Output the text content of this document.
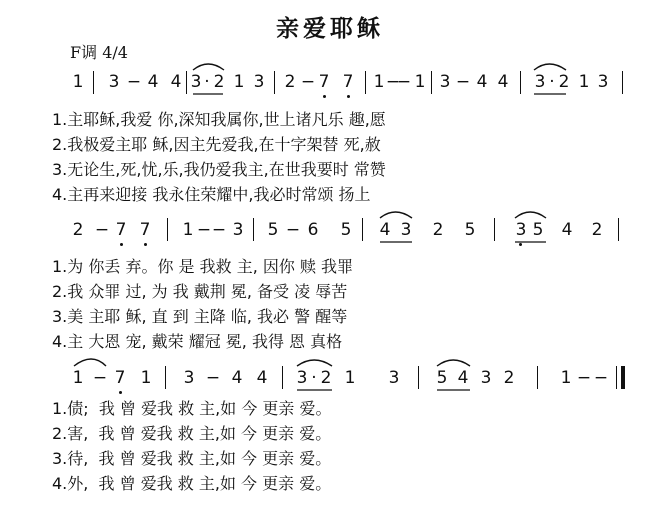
亲爱耶稣
F调 4/4
1 3 − 4 4 3 · 2 1 3 2 − 7 7 1 −
− 1 3 − 4 4 3 · 2 1 3
1.主耶稣,我爱 你,深知我属你,世上诸凡乐 趣,愿
2.我极爱主耶 稣,因主先爱我,在十字架替 死,赦
3.无论生,死,忧,乐,我仍爱我主,在世我要时 常赞
4.主再来迎接 我永住荣耀中,我必时常颂 扬上
2 − 7 7 1 − − 3 5 − 6 5 4 3 2 5 3 5 4 2
1.为 你丢 弃。你 是 我救 主, 因你 赎 我罪
2.我 众罪 过, 为 我 戴荆 冕, 备受 凌 辱苦
3.美 主耶 稣, 直 到 主降 临, 我必 警 醒等
4.主 大恩 宠, 戴荣 耀冠 冕, 我得 恩 真格
1 − 7 1 3 − 4 4 3 · 2 1 3 5 4 3 2	1 − −
1.债;  我 曾 爱我 救 主,如 今 更亲 爱。
2.害,  我 曾 爱我 救 主,如 今 更亲 爱。
3.待,  我 曾 爱我 救 主,如 今 更亲 爱。
4.外,  我 曾 爱我 救 主,如 今 更亲 爱。
